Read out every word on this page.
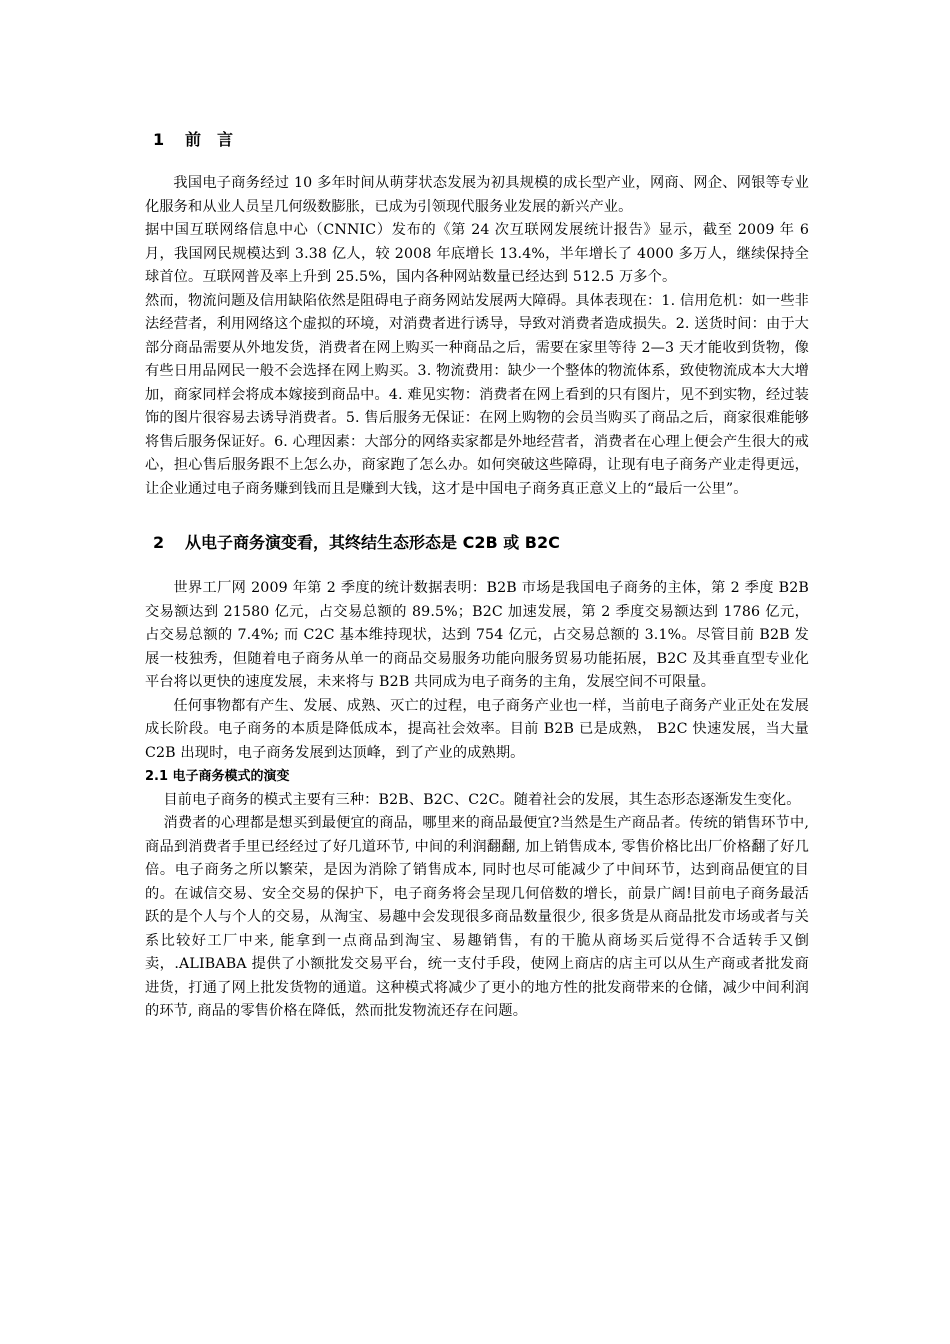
1 前　言

我国电子商务经过 10 多年时间从萌芽状态发展为初具规模的成长型产业，网商、网企、网银等专业化服务和从业人员呈几何级数膨胀，已成为引领现代服务业发展的新兴产业。

据中国互联网络信息中心（CNNIC）发布的《第 24 次互联网发展统计报告》显示，截至 2009 年 6 月，我国网民规模达到 3.38 亿人，较 2008 年底增长 13.4%，半年增长了 4000 多万人，继续保持全球首位。互联网普及率上升到 25.5%，国内各种网站数量已经达到 512.5 万多个。

然而，物流问题及信用缺陷依然是阻碍电子商务网站发展两大障碍。具体表现在：1. 信用危机：如一些非法经营者，利用网络这个虚拟的环境，对消费者进行诱导，导致对消费者造成损失。2. 送货时间：由于大部分商品需要从外地发货，消费者在网上购买一种商品之后，需要在家里等待 2—3 天才能收到货物，像有些日用品网民一般不会选择在网上购买。3. 物流费用：缺少一个整体的物流体系，致使物流成本大大增加，商家同样会将成本嫁接到商品中。4. 难见实物：消费者在网上看到的只有图片，见不到实物，经过装饰的图片很容易去诱导消费者。5. 售后服务无保证：在网上购物的会员当购买了商品之后，商家很难能够将售后服务保证好。6. 心理因素：大部分的网络卖家都是外地经营者，消费者在心理上便会产生很大的戒心，担心售后服务跟不上怎么办，商家跑了怎么办。如何突破这些障碍，让现有电子商务产业走得更远，让企业通过电子商务赚到钱而且是赚到大钱，这才是中国电子商务真正意义上的“最后一公里”。

2 从电子商务演变看，其终结生态形态是 C2B 或 B2C

世界工厂网 2009 年第 2 季度的统计数据表明：B2B 市场是我国电子商务的主体，第 2 季度 B2B 交易额达到 21580 亿元，占交易总额的 89.5%；B2C 加速发展，第 2 季度交易额达到 1786 亿元，占交易总额的 7.4%; 而 C2C 基本维持现状，达到 754 亿元，占交易总额的 3.1%。尽管目前 B2B 发展一枝独秀，但随着电子商务从单一的商品交易服务功能向服务贸易功能拓展，B2C 及其垂直型专业化平台将以更快的速度发展，未来将与 B2B 共同成为电子商务的主角，发展空间不可限量。

任何事物都有产生、发展、成熟、灭亡的过程，电子商务产业也一样，当前电子商务产业正处在发展成长阶段。电子商务的本质是降低成本，提高社会效率。目前 B2B 已是成熟， B2C 快速发展，当大量 C2B 出现时，电子商务发展到达顶峰，到了产业的成熟期。

2.1 电子商务模式的演变

目前电子商务的模式主要有三种：B2B、B2C、C2C。随着社会的发展，其生态形态逐渐发生变化。

消费者的心理都是想买到最便宜的商品，哪里来的商品最便宜?当然是生产商品者。传统的销售环节中, 商品到消费者手里已经经过了好几道环节, 中间的利润翻翻, 加上销售成本, 零售价格比出厂价格翻了好几倍。电子商务之所以繁荣，是因为消除了销售成本, 同时也尽可能减少了中间环节，达到商品便宜的目的。在诚信交易、安全交易的保护下，电子商务将会呈现几何倍数的增长，前景广阔!目前电子商务最活跃的是个人与个人的交易，从淘宝、易趣中会发现很多商品数量很少, 很多货是从商品批发市场或者与关系比较好工厂中来, 能拿到一点商品到淘宝、易趣销售，有的干脆从商场买后觉得不合适转手又倒卖，.ALIBABA 提供了小额批发交易平台，统一支付手段，使网上商店的店主可以从生产商或者批发商进货，打通了网上批发货物的通道。这种模式将减少了更小的地方性的批发商带来的仓储，减少中间利润的环节, 商品的零售价格在降低，然而批发物流还存在问题。
